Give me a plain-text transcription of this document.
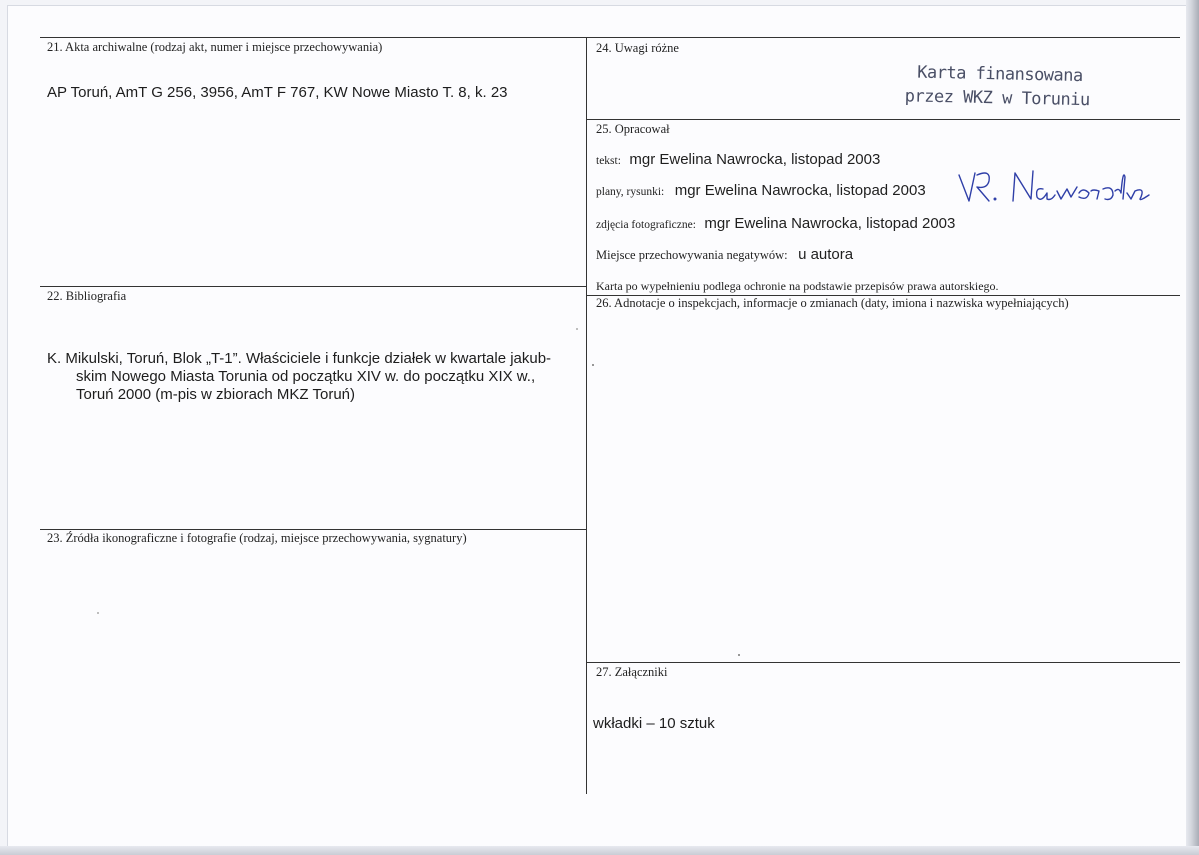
21. Akta archiwalne (rodzaj akt, numer i miejsce przechowywania)
AP Toruń, AmT G 256, 3956, AmT F 767, KW Nowe Miasto T. 8, k. 23
22. Bibliografia
K. Mikulski, Toruń, Blok „T-1”. Właściciele i funkcje działek w kwartale jakub-
skim Nowego Miasta Torunia od początku XIV w. do początku XIX w.,
Toruń 2000 (m-pis w zbiorach MKZ Toruń)
23. Źródła ikonograficzne i fotografie (rodzaj, miejsce przechowywania, sygnatury)
24. Uwagi różne
Karta finansowana
przez WKZ w Toruniu
25. Opracował
tekst: mgr Ewelina Nawrocka, listopad 2003
plany, rysunki: mgr Ewelina Nawrocka, listopad 2003
zdjęcia fotograficzne: mgr Ewelina Nawrocka, listopad 2003
Miejsce przechowywania negatywów: u autora
Karta po wypełnieniu podlega ochronie na podstawie przepisów prawa autorskiego.
26. Adnotacje o inspekcjach, informacje o zmianach (daty, imiona i nazwiska wypełniających)
27. Załączniki
wkładki – 10 sztuk
